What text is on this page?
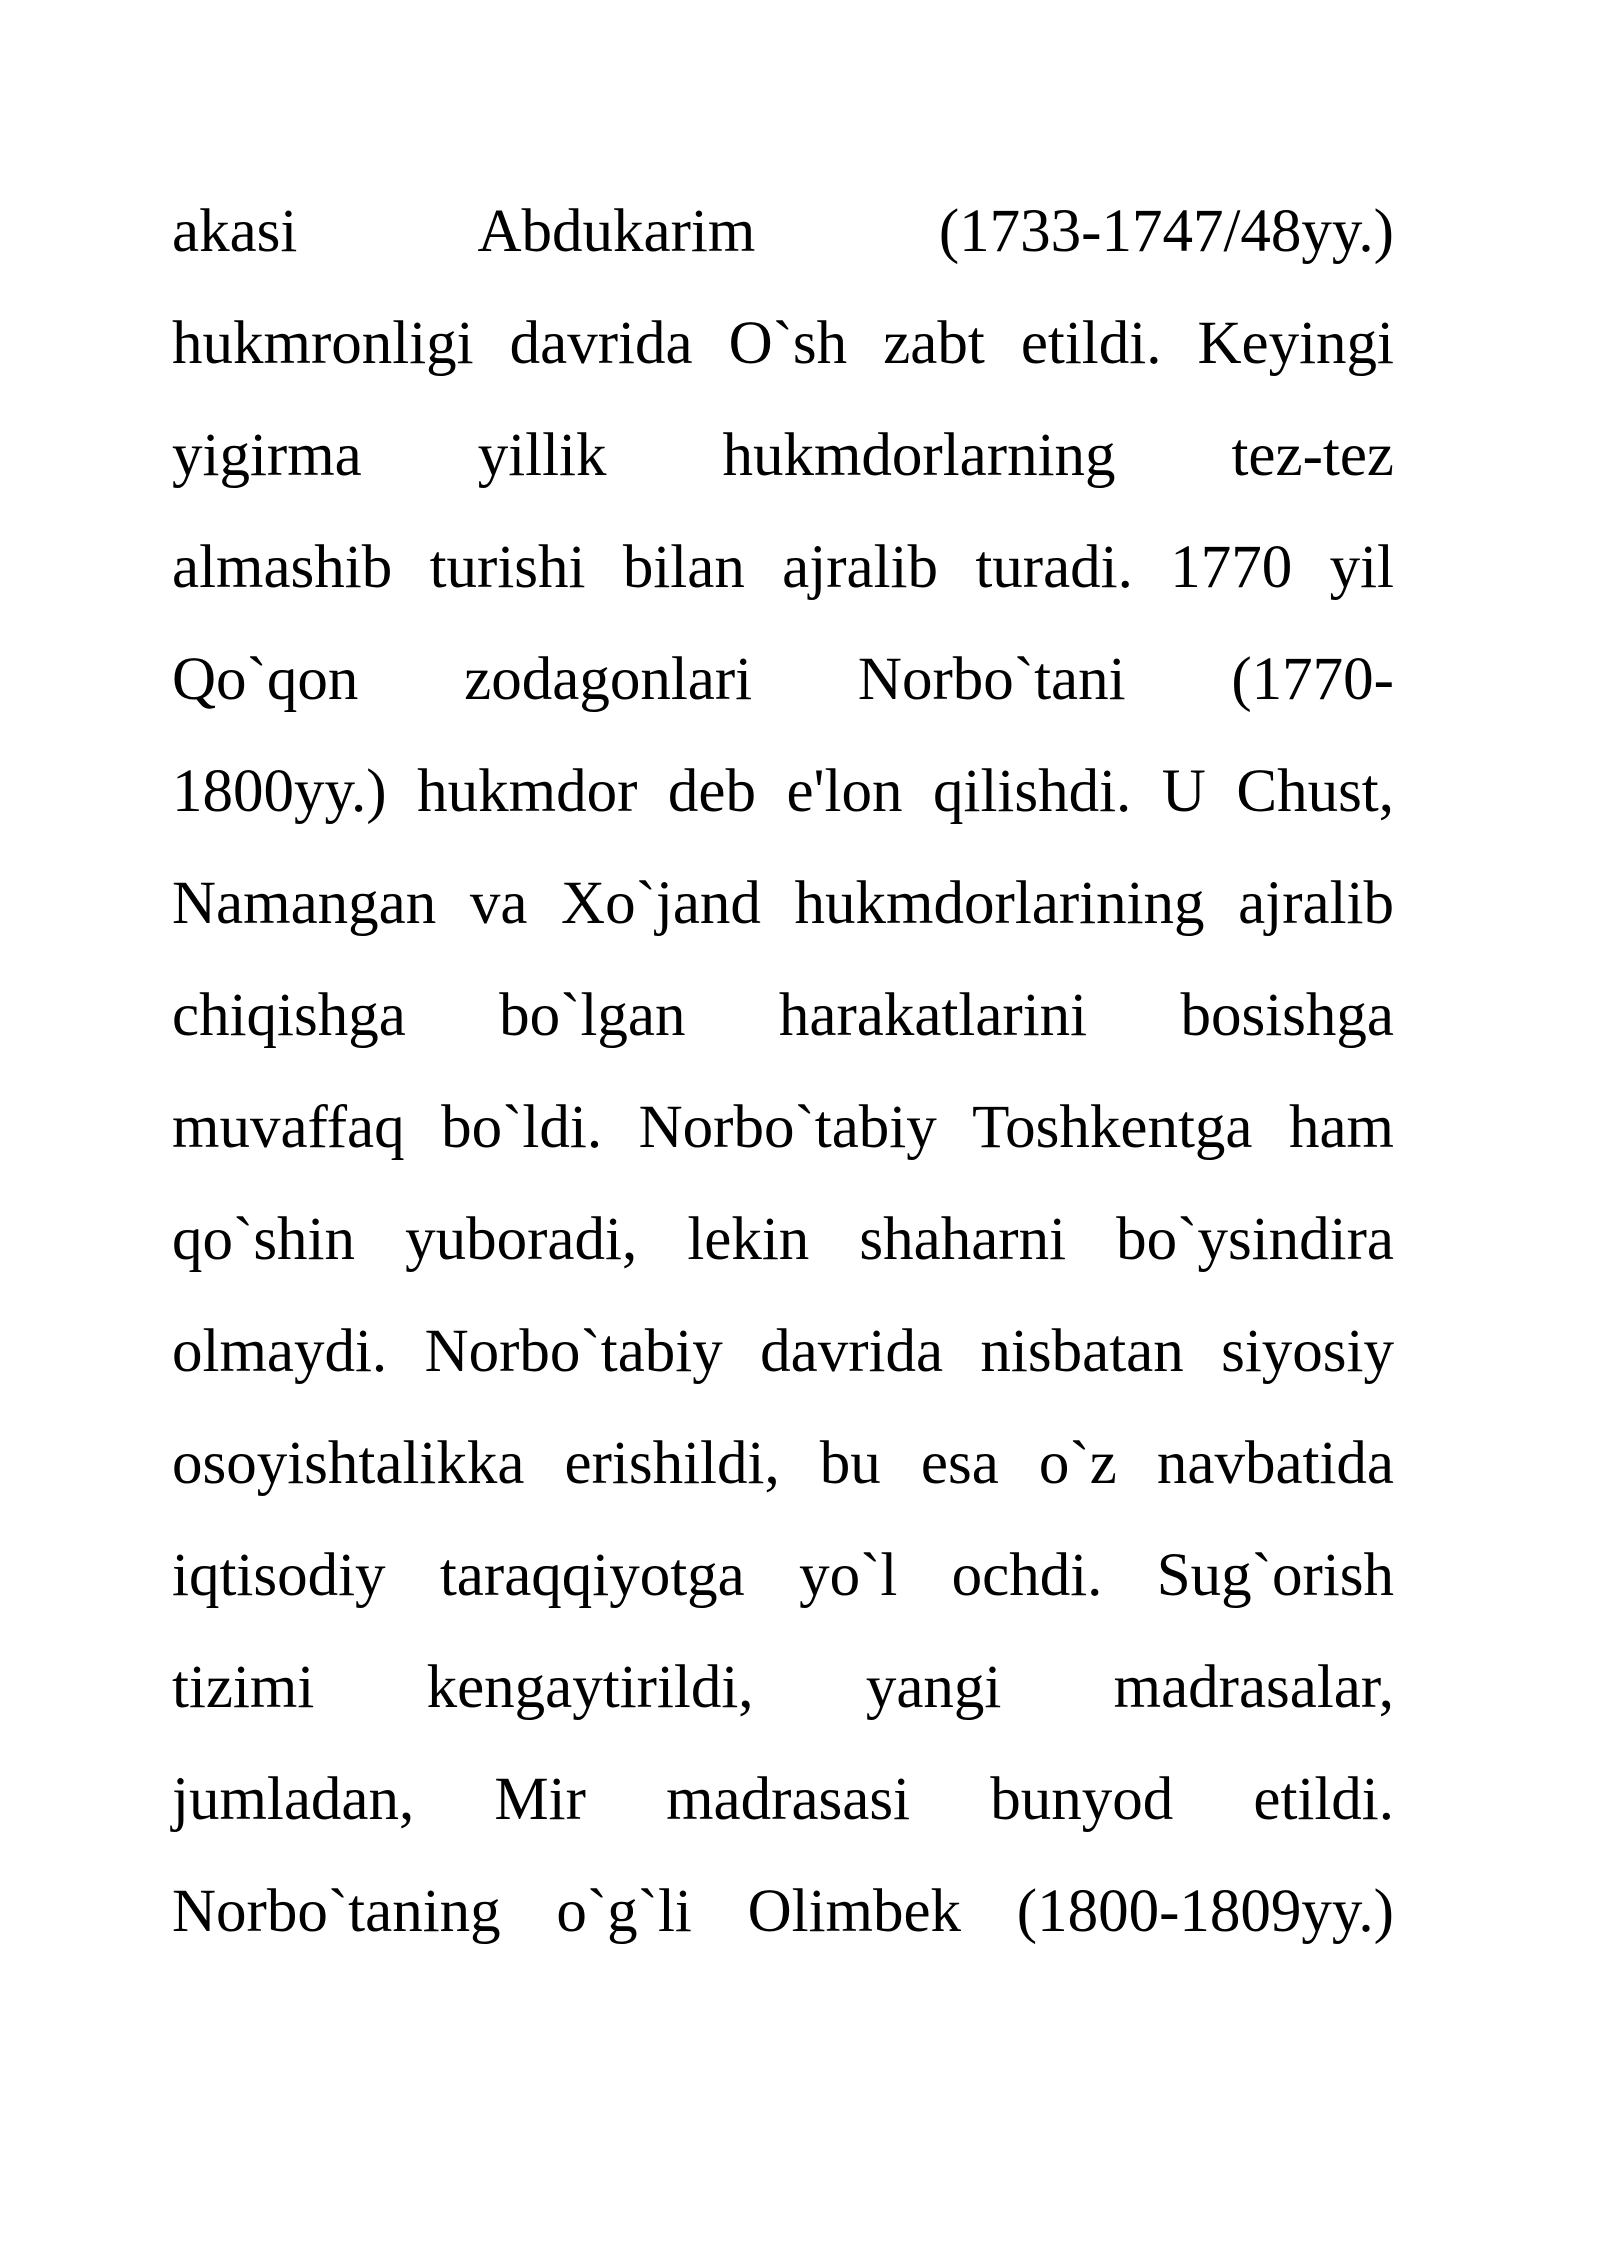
akasi Abdukarim (1733-1747/48yy.)
hukmronligi davrida O`sh zabt etildi. Keyingi
yigirma yillik hukmdorlarning tez-tez
almashib turishi bilan ajralib turadi. 1770 yil
Qo`qon zodagonlari Norbo`tani (1770-
1800yy.) hukmdor deb e'lon qilishdi. U Chust,
Namangan va Xo`jand hukmdorlarining ajralib
chiqishga bo`lgan harakatlarini bosishga
muvaffaq bo`ldi. Norbo`tabiy Toshkentga ham
qo`shin yuboradi, lekin shaharni bo`ysindira
olmaydi. Norbo`tabiy davrida nisbatan siyosiy
osoyishtalikka erishildi, bu esa o`z navbatida
iqtisodiy taraqqiyotga yo`l ochdi. Sug`orish
tizimi kengaytirildi, yangi madrasalar,
jumladan, Mir madrasasi bunyod etildi.
Norbo`taning o`g`li Olimbek (1800-1809yy.)
